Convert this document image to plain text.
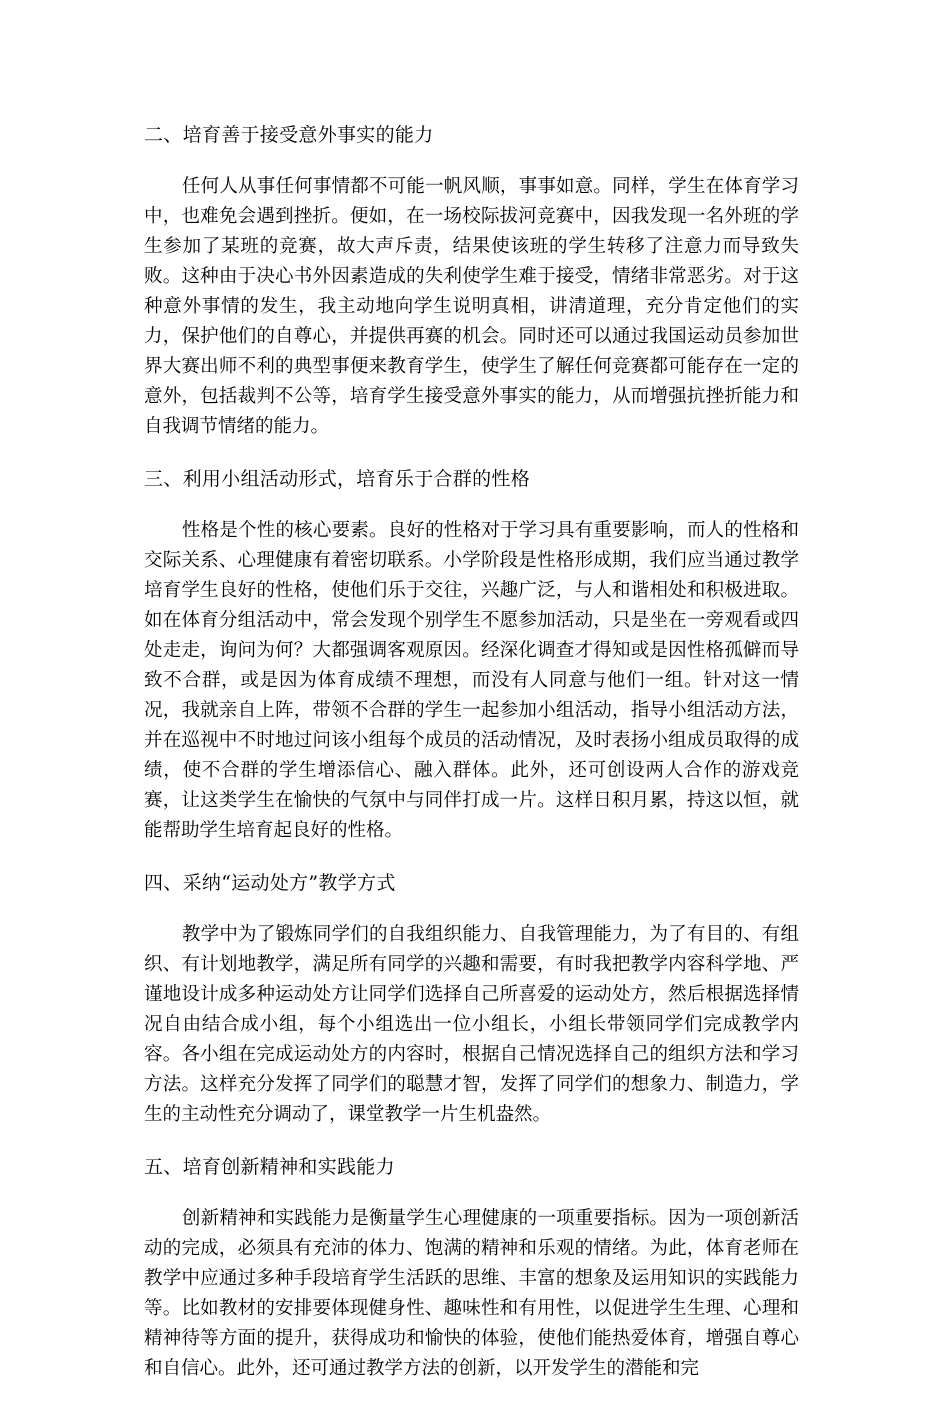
二、培育善于接受意外事实的能力

任何人从事任何事情都不可能一帆风顺，事事如意。同样，学生在体育学习中，也难免会遇到挫折。便如，在一场校际拔河竞赛中，因我发现一名外班的学生参加了某班的竞赛，故大声斥责，结果使该班的学生转移了注意力而导致失败。这种由于决心书外因素造成的失利使学生难于接受，情绪非常恶劣。对于这种意外事情的发生，我主动地向学生说明真相，讲清道理，充分肯定他们的实力，保护他们的自尊心，并提供再赛的机会。同时还可以通过我国运动员参加世界大赛出师不利的典型事便来教育学生，使学生了解任何竞赛都可能存在一定的意外，包括裁判不公等，培育学生接受意外事实的能力，从而增强抗挫折能力和自我调节情绪的能力。

三、利用小组活动形式，培育乐于合群的性格

性格是个性的核心要素。良好的性格对于学习具有重要影响，而人的性格和交际关系、心理健康有着密切联系。小学阶段是性格形成期，我们应当通过教学培育学生良好的性格，使他们乐于交往，兴趣广泛，与人和谐相处和积极进取。如在体育分组活动中，常会发现个别学生不愿参加活动，只是坐在一旁观看或四处走走，询问为何？大都强调客观原因。经深化调查才得知或是因性格孤僻而导致不合群，或是因为体育成绩不理想，而没有人同意与他们一组。针对这一情况，我就亲自上阵，带领不合群的学生一起参加小组活动，指导小组活动方法，并在巡视中不时地过问该小组每个成员的活动情况，及时表扬小组成员取得的成绩，使不合群的学生增添信心、融入群体。此外，还可创设两人合作的游戏竞赛，让这类学生在愉快的气氛中与同伴打成一片。这样日积月累，持这以恒，就能帮助学生培育起良好的性格。

四、采纳“运动处方”教学方式

教学中为了锻炼同学们的自我组织能力、自我管理能力，为了有目的、有组织、有计划地教学，满足所有同学的兴趣和需要，有时我把教学内容科学地、严谨地设计成多种运动处方让同学们选择自己所喜爱的运动处方，然后根据选择情况自由结合成小组，每个小组选出一位小组长，小组长带领同学们完成教学内容。各小组在完成运动处方的内容时，根据自己情况选择自己的组织方法和学习方法。这样充分发挥了同学们的聪慧才智，发挥了同学们的想象力、制造力，学生的主动性充分调动了，课堂教学一片生机盎然。

五、培育创新精神和实践能力

创新精神和实践能力是衡量学生心理健康的一项重要指标。因为一项创新活动的完成，必须具有充沛的体力、饱满的精神和乐观的情绪。为此，体育老师在教学中应通过多种手段培育学生活跃的思维、丰富的想象及运用知识的实践能力等。比如教材的安排要体现健身性、趣味性和有用性，以促进学生生理、心理和精神待等方面的提升，获得成功和愉快的体验，使他们能热爱体育，增强自尊心和自信心。此外，还可通过教学方法的创新，以开发学生的潜能和完
